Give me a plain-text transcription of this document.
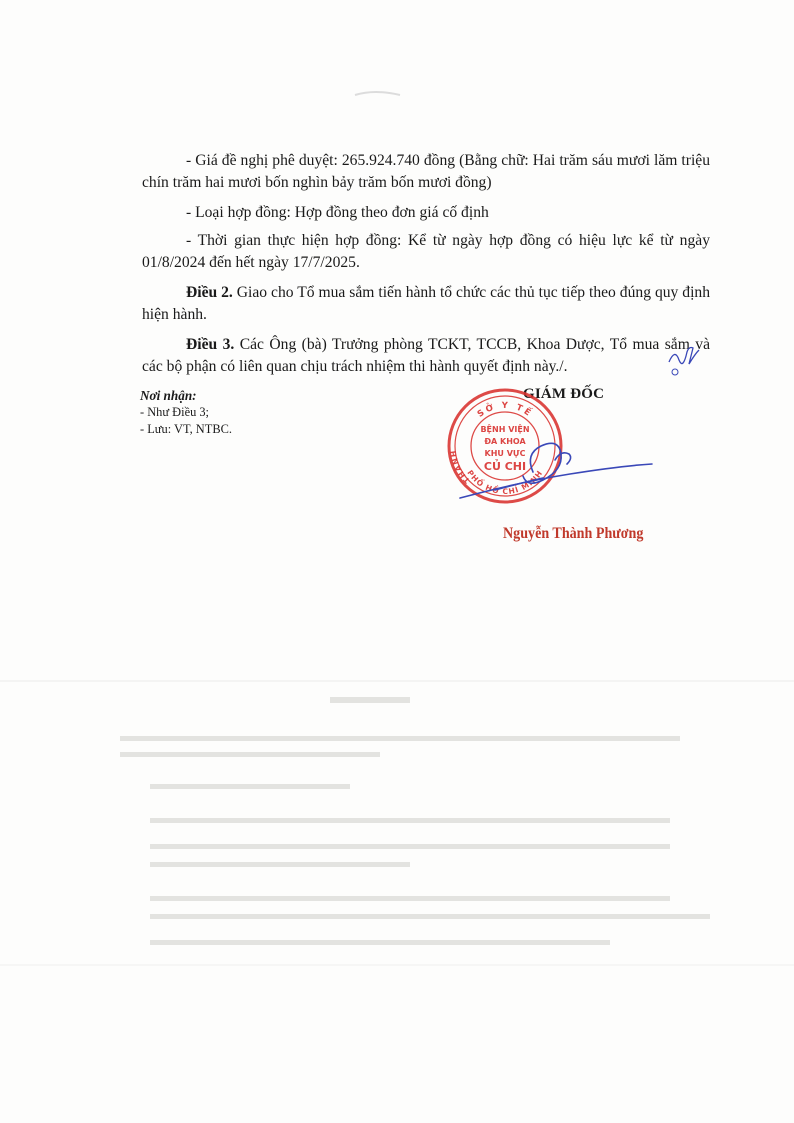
- Giá đề nghị phê duyệt: 265.924.740 đồng (Bằng chữ: Hai trăm sáu mươi lăm triệu chín trăm hai mươi bốn nghìn bảy trăm bốn mươi đồng)

- Loại hợp đồng: Hợp đồng theo đơn giá cố định

- Thời gian thực hiện hợp đồng: Kể từ ngày hợp đồng có hiệu lực kể từ ngày 01/8/2024 đến hết ngày 17/7/2025.

Điều 2. Giao cho Tổ mua sắm tiến hành tổ chức các thủ tục tiếp theo đúng quy định hiện hành.

Điều 3. Các Ông (bà) Trưởng phòng TCKT, TCCB, Khoa Dược, Tổ mua sắm và các bộ phận có liên quan chịu trách nhiệm thi hành quyết định này./.

Nơi nhận:
- Như Điều 3;
- Lưu: VT, NTBC.
GIÁM ĐỐC
SỞ Y TẾ
THÀNH
PHỐ HỒ CHÍ MINH
BỆNH VIỆN
ĐA KHOA
KHU VỰC
CỦ CHI
Nguyễn Thành Phương
